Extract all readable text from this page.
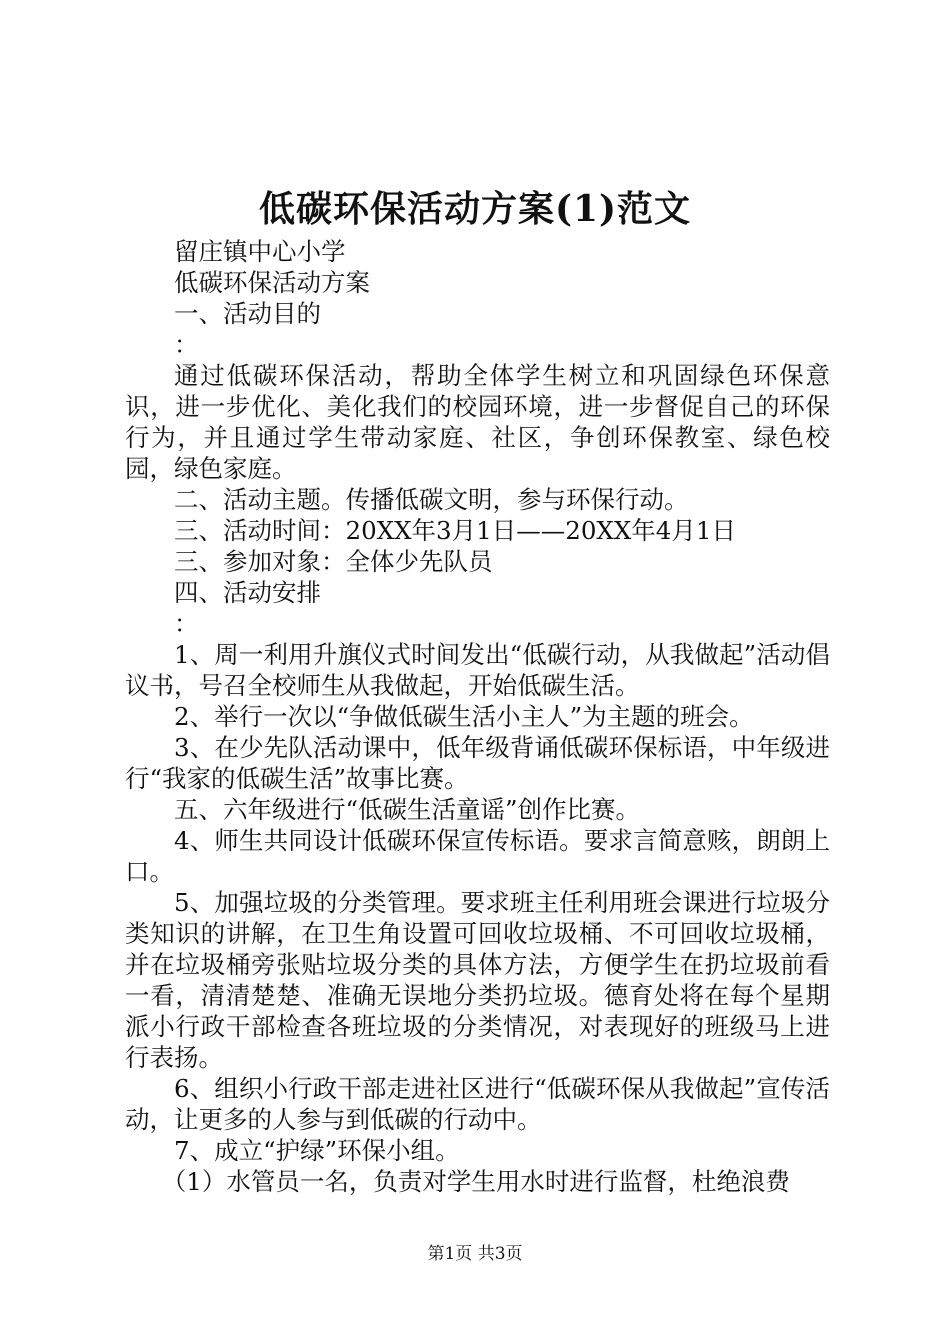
低碳环保活动方案(1)范文

留庄镇中心小学

低碳环保活动方案

一、活动目的

：

通过低碳环保活动，帮助全体学生树立和巩固绿色环保意识，进一步优化、美化我们的校园环境，进一步督促自己的环保行为，并且通过学生带动家庭、社区，争创环保教室、绿色校园，绿色家庭。

二、活动主题。传播低碳文明，参与环保行动。

三、活动时间：20XX年3月1日——20XX年4月1日

三、参加对象：全体少先队员

四、活动安排

：

1、周一利用升旗仪式时间发出“低碳行动，从我做起”活动倡议书，号召全校师生从我做起，开始低碳生活。

2、举行一次以“争做低碳生活小主人”为主题的班会。

3、在少先队活动课中，低年级背诵低碳环保标语，中年级进行“我家的低碳生活”故事比赛。

五、六年级进行“低碳生活童谣”创作比赛。

4、师生共同设计低碳环保宣传标语。要求言简意赅，朗朗上口。

5、加强垃圾的分类管理。要求班主任利用班会课进行垃圾分类知识的讲解，在卫生角设置可回收垃圾桶、不可回收垃圾桶，并在垃圾桶旁张贴垃圾分类的具体方法，方便学生在扔垃圾前看一看，清清楚楚、准确无误地分类扔垃圾。德育处将在每个星期派小行政干部检查各班垃圾的分类情况，对表现好的班级马上进行表扬。

6、组织小行政干部走进社区进行“低碳环保从我做起”宣传活动，让更多的人参与到低碳的行动中。

7、成立“护绿”环保小组。

（1）水管员一名，负责对学生用水时进行监督，杜绝浪费

第1页 共3页
